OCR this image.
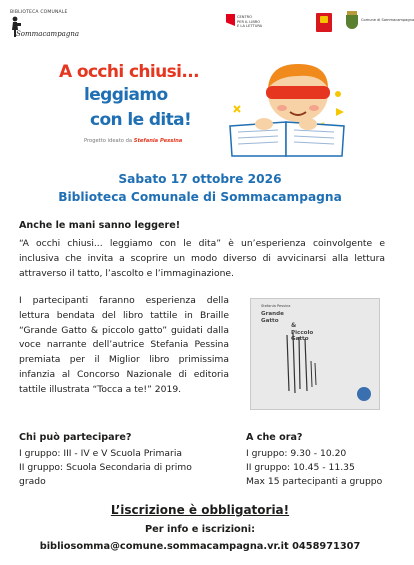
BIBLIOTECA COMUNALE
Sommacampagna
CENTRO
PER IL LIBRO
E LA LETTURA
Comune di Sommacampagna
A occhi chiusi...
leggiamo
con le dita!
Progetto ideato da Stefania Pessina
Sabato 17 ottobre 2026
Biblioteca Comunale di Sommacampagna
Anche le mani sanno leggere!

“A occhi chiusi... leggiamo con le dita” è un’esperienza coinvolgente e inclusiva che invita a scoprire un modo diverso di avvicinarsi alla lettura attraverso il tatto, l’ascolto e l’immaginazione.

I partecipanti faranno esperienza della lettura bendata del libro tattile in Braille “Grande Gatto & piccolo gatto” guidati dalla voce narrante dell’autrice Stefania Pessina premiata per il Miglior libro primissima infanzia al Concorso Nazionale di editoria tattile illustrata “Tocca a te!” 2019.

Stefania Pessina
Grande
Gatto
&
Piccolo
Gatto
Chi può partecipare?
I gruppo: III - IV e V Scuola Primaria
II gruppo: Scuola Secondaria di primo
grado
A che ora?
I gruppo: 9.30 - 10.20
II gruppo: 10.45 - 11.35
Max 15 partecipanti a gruppo
L’iscrizione è obbligatoria!
Per info e iscrizioni:
bibliosomma@comune.sommacampagna.vr.it 0458971307
